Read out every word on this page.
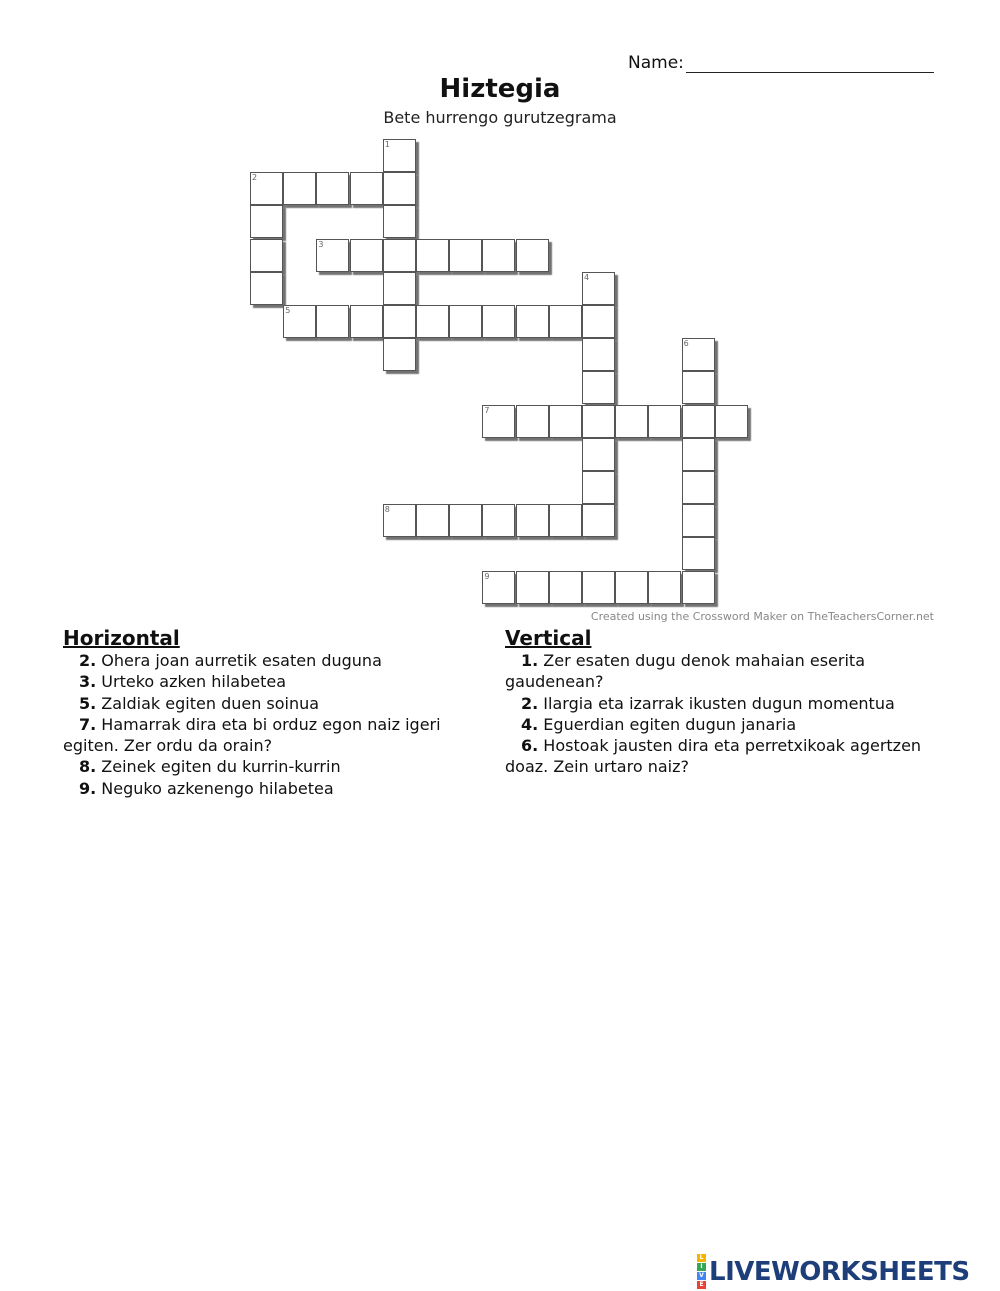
Name:
Hiztegia
Bete hurrengo gurutzegrama
1
2
3
4
5
6
7
8
9
Created using the Crossword Maker on TheTeachersCorner.net
Horizontal
2. Ohera joan aurretik esaten duguna
3. Urteko azken hilabetea
5. Zaldiak egiten duen soinua
7. Hamarrak dira eta bi orduz egon naiz igeri egiten. Zer ordu da orain?
8. Zeinek egiten du kurrin-kurrin
9. Neguko azkenengo hilabetea
Vertical
1. Zer esaten dugu denok mahaian eserita gaudenean?
2. Ilargia eta izarrak ikusten dugun momentua
4. Eguerdian egiten dugun janaria
6. Hostoak jausten dira eta perretxikoak agertzen doaz. Zein urtaro naiz?
L
I
V
E LIVEWORKSHEETS
